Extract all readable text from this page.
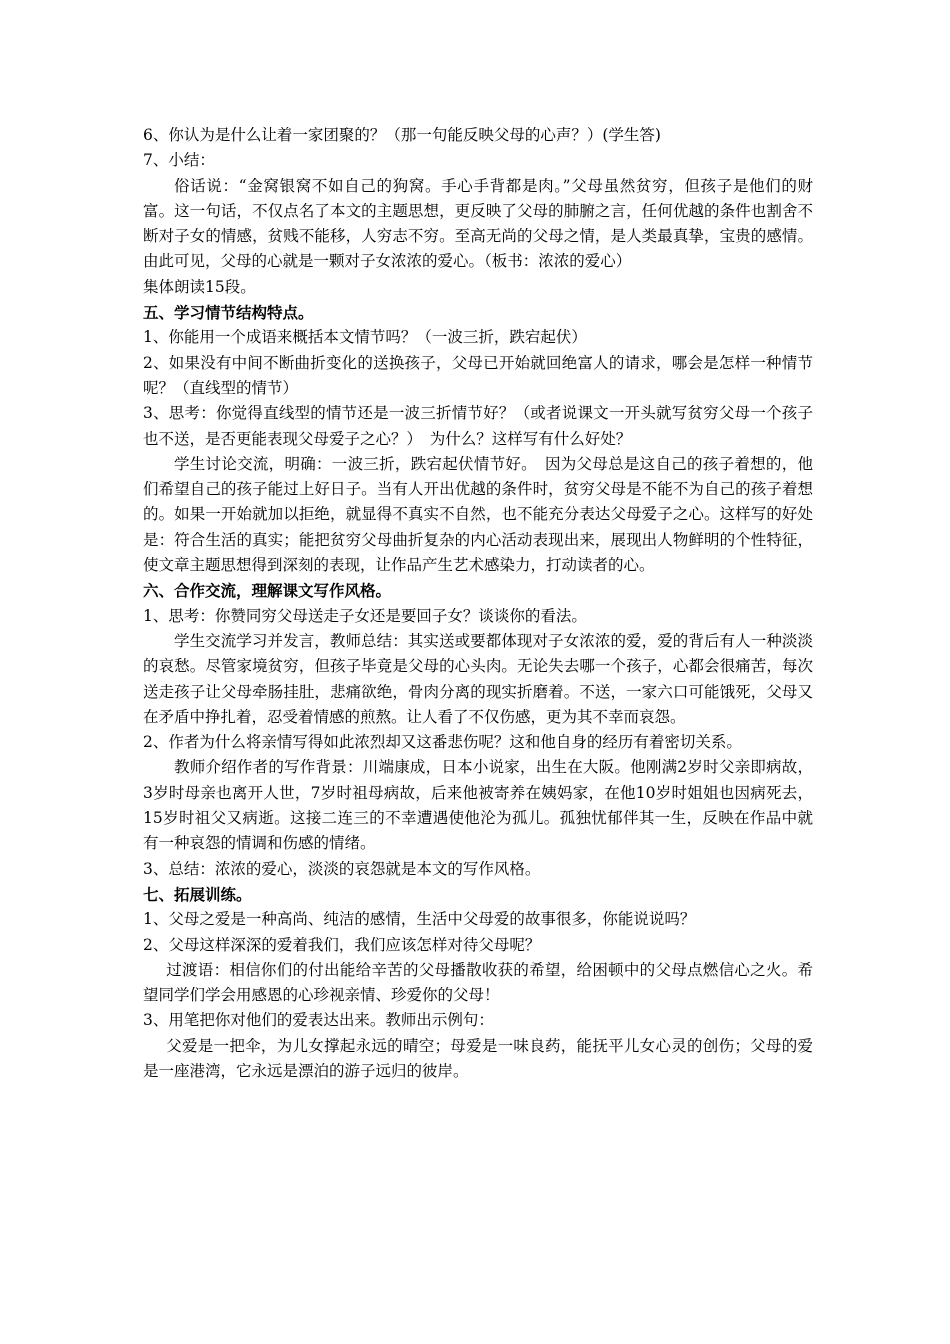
6、你认为是什么让着一家团聚的？（那一句能反映父母的心声？）(学生答)

7、小结：

俗话说：“金窝银窝不如自己的狗窝。手心手背都是肉。”父母虽然贫穷，但孩子是他们的财富。这一句话，不仅点名了本文的主题思想，更反映了父母的肺腑之言，任何优越的条件也割舍不断对子女的情感，贫贱不能移，人穷志不穷。至高无尚的父母之情，是人类最真挚，宝贵的感情。由此可见，父母的心就是一颗对子女浓浓的爱心。（板书：浓浓的爱心）

集体朗读15段。

五、学习情节结构特点。

1、你能用一个成语来概括本文情节吗？（一波三折，跌宕起伏）

2、如果没有中间不断曲折变化的送换孩子，父母已开始就回绝富人的请求，哪会是怎样一种情节呢？（直线型的情节）

3、思考：你觉得直线型的情节还是一波三折情节好？（或者说课文一开头就写贫穷父母一个孩子也不送，是否更能表现父母爱子之心？）　为什么？这样写有什么好处？

学生讨论交流，明确：一波三折，跌宕起伏情节好。　因为父母总是这自己的孩子着想的，他们希望自己的孩子能过上好日子。当有人开出优越的条件时，贫穷父母是不能不为自己的孩子着想的。如果一开始就加以拒绝，就显得不真实不自然，也不能充分表达父母爱子之心。这样写的好处是：符合生活的真实；能把贫穷父母曲折复杂的内心活动表现出来，展现出人物鲜明的个性特征，使文章主题思想得到深刻的表现，让作品产生艺术感染力，打动读者的心。

六、合作交流，理解课文写作风格。

1、思考：你赞同穷父母送走子女还是要回子女？谈谈你的看法。

学生交流学习并发言，教师总结：其实送或要都体现对子女浓浓的爱，爱的背后有人一种淡淡的哀愁。尽管家境贫穷，但孩子毕竟是父母的心头肉。无论失去哪一个孩子，心都会很痛苦，每次送走孩子让父母牵肠挂肚，悲痛欲绝，骨肉分离的现实折磨着。不送，一家六口可能饿死，父母又在矛盾中挣扎着，忍受着情感的煎熬。让人看了不仅伤感，更为其不幸而哀怨。

2、作者为什么将亲情写得如此浓烈却又这番悲伤呢？这和他自身的经历有着密切关系。

教师介绍作者的写作背景：川端康成，日本小说家，出生在大阪。他刚满2岁时父亲即病故，3岁时母亲也离开人世，7岁时祖母病故，后来他被寄养在姨妈家，在他10岁时姐姐也因病死去，15岁时祖父又病逝。这接二连三的不幸遭遇使他沦为孤儿。孤独忧郁伴其一生，反映在作品中就有一种哀怨的情调和伤感的情绪。

3、总结：浓浓的爱心，淡淡的哀怨就是本文的写作风格。

七、拓展训练。

1、父母之爱是一种高尚、纯洁的感情，生活中父母爱的故事很多，你能说说吗？

2、父母这样深深的爱着我们，我们应该怎样对待父母呢？

过渡语：相信你们的付出能给辛苦的父母播散收获的希望，给困顿中的父母点燃信心之火。希望同学们学会用感恩的心珍视亲情、珍爱你的父母！

3、用笔把你对他们的爱表达出来。教师出示例句：

父爱是一把伞，为儿女撑起永远的晴空；母爱是一味良药，能抚平儿女心灵的创伤；父母的爱是一座港湾，它永远是漂泊的游子远归的彼岸。
